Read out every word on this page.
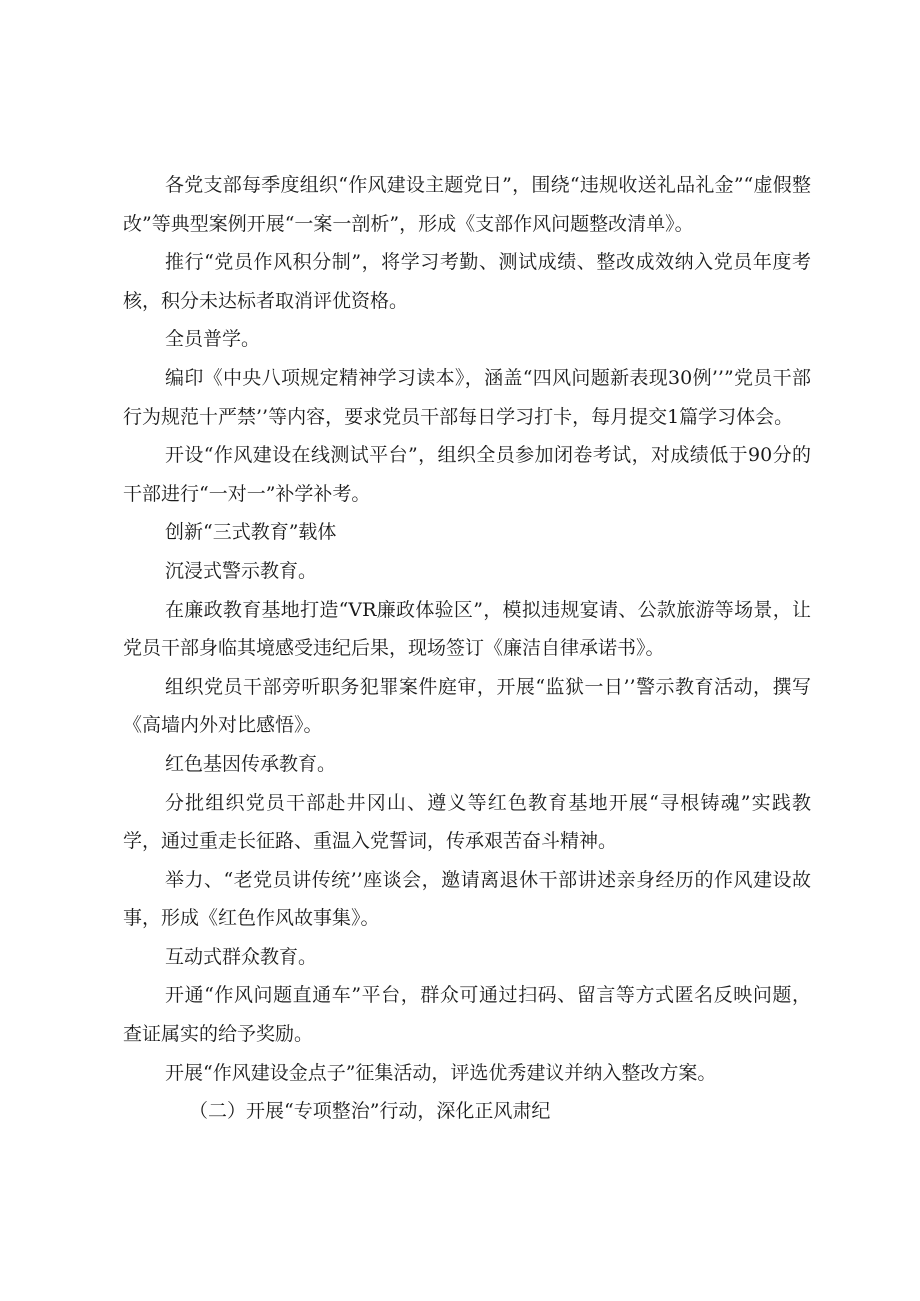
各党支部每季度组织“作风建设主题党日”，围绕“违规收送礼品礼金”“虚假整改”等典型案例开展“一案一剖析”，形成《支部作风问题整改清单》。

推行“党员作风积分制”，将学习考勤、测试成绩、整改成效纳入党员年度考核，积分未达标者取消评优资格。

全员普学。

编印《中央八项规定精神学习读本》，涵盖“四风问题新表现30例’’”党员干部行为规范十严禁’’等内容，要求党员干部每日学习打卡，每月提交1篇学习体会。

开设“作风建设在线测试平台”，组织全员参加闭卷考试，对成绩低于90分的干部进行“一对一”补学补考。

创新“三式教育”载体

沉浸式警示教育。

在廉政教育基地打造“VR廉政体验区”，模拟违规宴请、公款旅游等场景，让党员干部身临其境感受违纪后果，现场签订《廉洁自律承诺书》。

组织党员干部旁听职务犯罪案件庭审，开展“监狱一日’’警示教育活动，撰写《高墙内外对比感悟》。

红色基因传承教育。

分批组织党员干部赴井冈山、遵义等红色教育基地开展“寻根铸魂”实践教学，通过重走长征路、重温入党誓词，传承艰苦奋斗精神。

举力、“老党员讲传统’’座谈会，邀请离退休干部讲述亲身经历的作风建设故事，形成《红色作风故事集》。

互动式群众教育。

开通“作风问题直通车”平台，群众可通过扫码、留言等方式匿名反映问题，查证属实的给予奖励。

开展“作风建设金点子”征集活动，评选优秀建议并纳入整改方案。

（二）开展“专项整治”行动，深化正风肃纪
